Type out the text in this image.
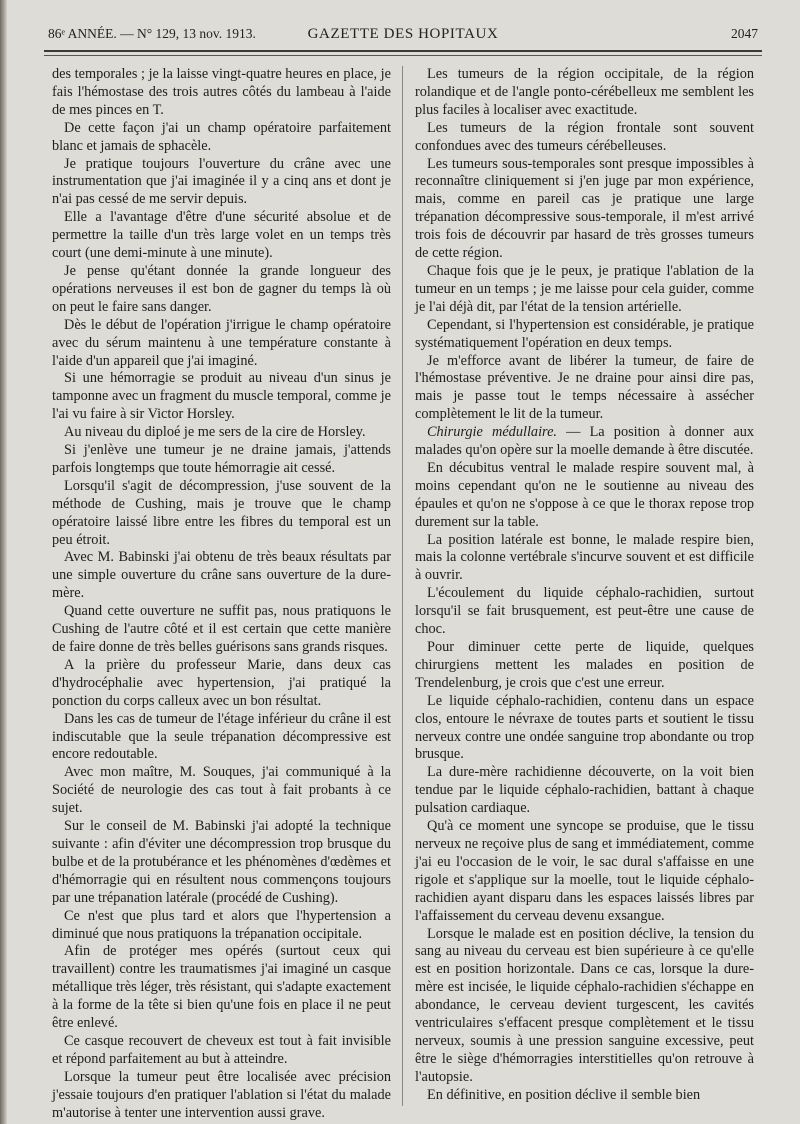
86ᵉ ANNÉE. — N° 129, 13 nov. 1913.	GAZETTE DES HOPITAUX	2047

des temporales ; je la laisse vingt-quatre heures en place, je fais l'hémostase des trois autres côtés du lambeau à l'aide de mes pinces en T.

De cette façon j'ai un champ opératoire parfaitement blanc et jamais de sphacèle.

Je pratique toujours l'ouverture du crâne avec une instrumentation que j'ai imaginée il y a cinq ans et dont je n'ai pas cessé de me servir depuis.

Elle a l'avantage d'être d'une sécurité absolue et de permettre la taille d'un très large volet en un temps très court (une demi-minute à une minute).

Je pense qu'étant donnée la grande longueur des opérations nerveuses il est bon de gagner du temps là où on peut le faire sans danger.

Dès le début de l'opération j'irrigue le champ opératoire avec du sérum maintenu à une température constante à l'aide d'un appareil que j'ai imaginé.

Si une hémorragie se produit au niveau d'un sinus je tamponne avec un fragment du muscle temporal, comme je l'ai vu faire à sir Victor Horsley.

Au niveau du diploé je me sers de la cire de Horsley.

Si j'enlève une tumeur je ne draine jamais, j'attends parfois longtemps que toute hémorragie ait cessé.

Lorsqu'il s'agit de décompression, j'use souvent de la méthode de Cushing, mais je trouve que le champ opératoire laissé libre entre les fibres du temporal est un peu étroit.

Avec M. Babinski j'ai obtenu de très beaux résultats par une simple ouverture du crâne sans ouverture de la dure-mère.

Quand cette ouverture ne suffit pas, nous pratiquons le Cushing de l'autre côté et il est certain que cette manière de faire donne de très belles guérisons sans grands risques.

A la prière du professeur Marie, dans deux cas d'hydrocéphalie avec hypertension, j'ai pratiqué la ponction du corps calleux avec un bon résultat.

Dans les cas de tumeur de l'étage inférieur du crâne il est indiscutable que la seule trépanation décompressive est encore redoutable.

Avec mon maître, M. Souques, j'ai communiqué à la Société de neurologie des cas tout à fait probants à ce sujet.

Sur le conseil de M. Babinski j'ai adopté la technique suivante : afin d'éviter une décompression trop brusque du bulbe et de la protubérance et les phénomènes d'œdèmes et d'hémorragie qui en résultent nous commençons toujours par une trépanation latérale (procédé de Cushing).

Ce n'est que plus tard et alors que l'hypertension a diminué que nous pratiquons la trépanation occipitale.

Afin de protéger mes opérés (surtout ceux qui travaillent) contre les traumatismes j'ai imaginé un casque métallique très léger, très résistant, qui s'adapte exactement à la forme de la tête si bien qu'une fois en place il ne peut être enlevé.

Ce casque recouvert de cheveux est tout à fait invisible et répond parfaitement au but à atteindre.

Lorsque la tumeur peut être localisée avec précision j'essaie toujours d'en pratiquer l'ablation si l'état du malade m'autorise à tenter une intervention aussi grave.

Les tumeurs de la région occipitale, de la région rolandique et de l'angle ponto-cérébelleux me semblent les plus faciles à localiser avec exactitude.

Les tumeurs de la région frontale sont souvent confondues avec des tumeurs cérébelleuses.

Les tumeurs sous-temporales sont presque impossibles à reconnaître cliniquement si j'en juge par mon expérience, mais, comme en pareil cas je pratique une large trépanation décompressive sous-temporale, il m'est arrivé trois fois de découvrir par hasard de très grosses tumeurs de cette région.

Chaque fois que je le peux, je pratique l'ablation de la tumeur en un temps ; je me laisse pour cela guider, comme je l'ai déjà dit, par l'état de la tension artérielle.

Cependant, si l'hypertension est considérable, je pratique systématiquement l'opération en deux temps.

Je m'efforce avant de libérer la tumeur, de faire de l'hémostase préventive. Je ne draine pour ainsi dire pas, mais je passe tout le temps nécessaire à assécher complètement le lit de la tumeur.

Chirurgie médullaire. — La position à donner aux malades qu'on opère sur la moelle demande à être discutée.

En décubitus ventral le malade respire souvent mal, à moins cependant qu'on ne le soutienne au niveau des épaules et qu'on ne s'oppose à ce que le thorax repose trop durement sur la table.

La position latérale est bonne, le malade respire bien, mais la colonne vertébrale s'incurve souvent et est difficile à ouvrir.

L'écoulement du liquide céphalo-rachidien, surtout lorsqu'il se fait brusquement, est peut-être une cause de choc.

Pour diminuer cette perte de liquide, quelques chirurgiens mettent les malades en position de Trendelenburg, je crois que c'est une erreur.

Le liquide céphalo-rachidien, contenu dans un espace clos, entoure le névraxe de toutes parts et soutient le tissu nerveux contre une ondée sanguine trop abondante ou trop brusque.

La dure-mère rachidienne découverte, on la voit bien tendue par le liquide céphalo-rachidien, battant à chaque pulsation cardiaque.

Qu'à ce moment une syncope se produise, que le tissu nerveux ne reçoive plus de sang et immédiatement, comme j'ai eu l'occasion de le voir, le sac dural s'affaisse en une rigole et s'applique sur la moelle, tout le liquide céphalo-rachidien ayant disparu dans les espaces laissés libres par l'affaissement du cerveau devenu exsangue.

Lorsque le malade est en position déclive, la tension du sang au niveau du cerveau est bien supérieure à ce qu'elle est en position horizontale. Dans ce cas, lorsque la dure-mère est incisée, le liquide céphalo-rachidien s'échappe en abondance, le cerveau devient turgescent, les cavités ventriculaires s'effacent presque complètement et le tissu nerveux, soumis à une pression sanguine excessive, peut être le siège d'hémorragies interstitielles qu'on retrouve à l'autopsie.

En définitive, en position déclive il semble bien
